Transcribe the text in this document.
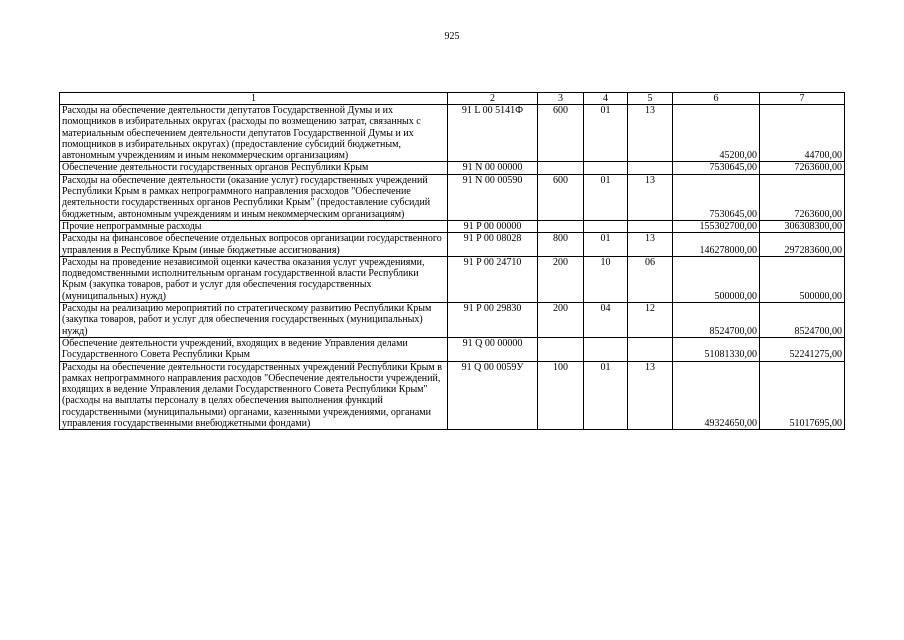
925
1	2	3	4	5	6	7
Расходы на обеспечение деятельности депутатов Государственной Думы и их помощников в избирательных округах (расходы по возмещению затрат, связанных с материальным обеспечением деятельности депутатов Государственной Думы и их помощников в избирательных округах) (предоставление субсидий бюджетным, автономным учреждениям и иным некоммерческим организациям)	91 L 00 5141Ф	600	01	13	45200,00	44700,00
Обеспечение деятельности государственных органов Республики Крым	91 N 00 00000				7530645,00	7263600,00
Расходы на обеспечение деятельности (оказание услуг) государственных учреждений Республики Крым в рамках непрограммного направления расходов "Обеспечение деятельности государственных органов Республики Крым" (предоставление субсидий бюджетным, автономным учреждениям и иным некоммерческим организациям)	91 N 00 00590	600	01	13	7530645,00	7263600,00
Прочие непрограммные расходы	91 P 00 00000				155302700,00	306308300,00
Расходы на финансовое обеспечение отдельных вопросов организации государственного управления в Республике Крым (иные бюджетные ассигнования)	91 P 00 08028	800	01	13	146278000,00	297283600,00
Расходы на проведение независимой оценки качества оказания услуг учреждениями, подведомственными исполнительным органам государственной власти Республики Крым (закупка товаров, работ и услуг для обеспечения государственных (муниципальных) нужд)	91 P 00 24710	200	10	06	500000,00	500000,00
Расходы на реализацию мероприятий по стратегическому развитию Республики Крым (закупка товаров, работ и услуг для обеспечения государственных (муниципальных) нужд)	91 P 00 29830	200	04	12	8524700,00	8524700,00
Обеспечение деятельности учреждений, входящих в ведение Управления делами Государственного Совета Республики Крым	91 Q 00 00000				51081330,00	52241275,00
Расходы на обеспечение деятельности государственных учреждений Республики Крым в рамках непрограммного направления расходов "Обеспечение деятельности учреждений, входящих в ведение Управления делами Государственного Совета Республики Крым" (расходы на выплаты персоналу в целях обеспечения выполнения функций государственными (муниципальными) органами, казенными учреждениями, органами управления государственными внебюджетными фондами)	91 Q 00 0059У	100	01	13	49324650,00	51017695,00
